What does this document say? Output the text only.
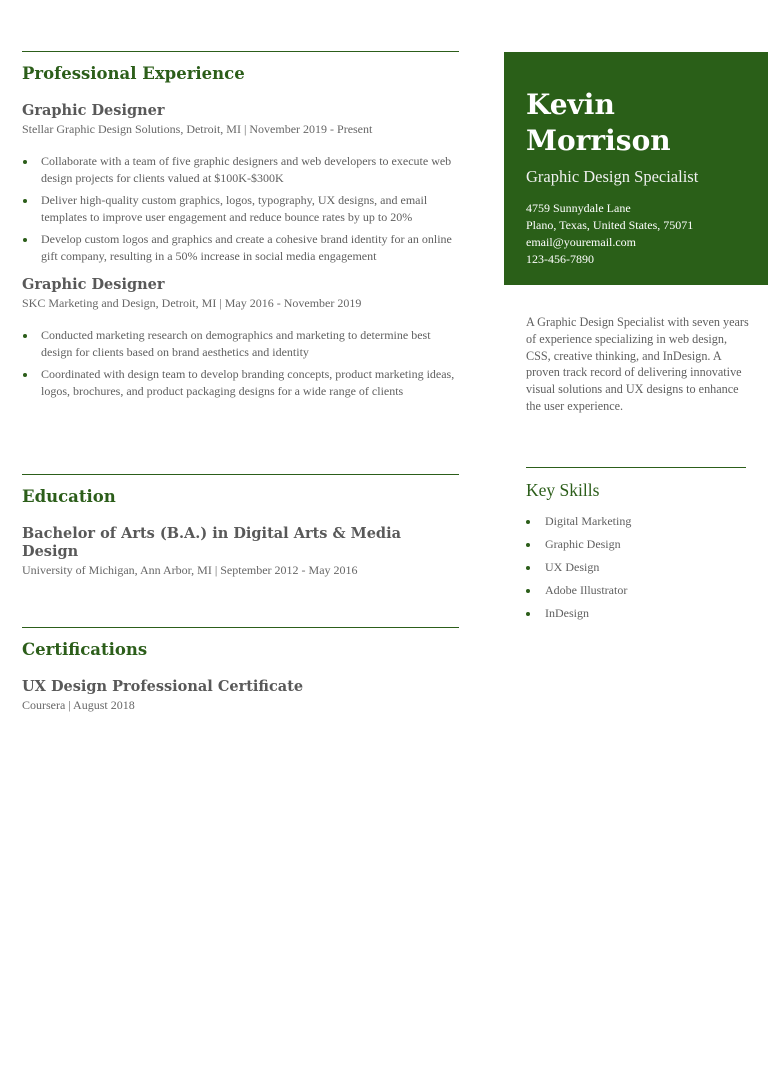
Professional Experience
Graphic Designer
Stellar Graphic Design Solutions, Detroit, MI | November 2019 - Present
Collaborate with a team of five graphic designers and web developers to execute web design projects for clients valued at $100K-$300K
Deliver high-quality custom graphics, logos, typography, UX designs, and email templates to improve user engagement and reduce bounce rates by up to 20%
Develop custom logos and graphics and create a cohesive brand identity for an online gift company, resulting in a 50% increase in social media engagement
Graphic Designer
SKC Marketing and Design, Detroit, MI | May 2016 - November 2019
Conducted marketing research on demographics and marketing to determine best design for clients based on brand aesthetics and identity
Coordinated with design team to develop branding concepts, product marketing ideas, logos, brochures, and product packaging designs for a wide range of clients
Education
Bachelor of Arts (B.A.) in Digital Arts & Media Design
University of Michigan, Ann Arbor, MI | September 2012 - May 2016
Certifications
UX Design Professional Certificate
Coursera | August 2018
Kevin
Morrison
Graphic Design Specialist
4759 Sunnydale Lane
Plano, Texas, United States, 75071
email@youremail.com
123-456-7890
A Graphic Design Specialist with seven years of experience specializing in web design, CSS, creative thinking, and InDesign. A proven track record of delivering innovative visual solutions and UX designs to enhance the user experience.
Key Skills
Digital Marketing
Graphic Design
UX Design
Adobe Illustrator
InDesign
